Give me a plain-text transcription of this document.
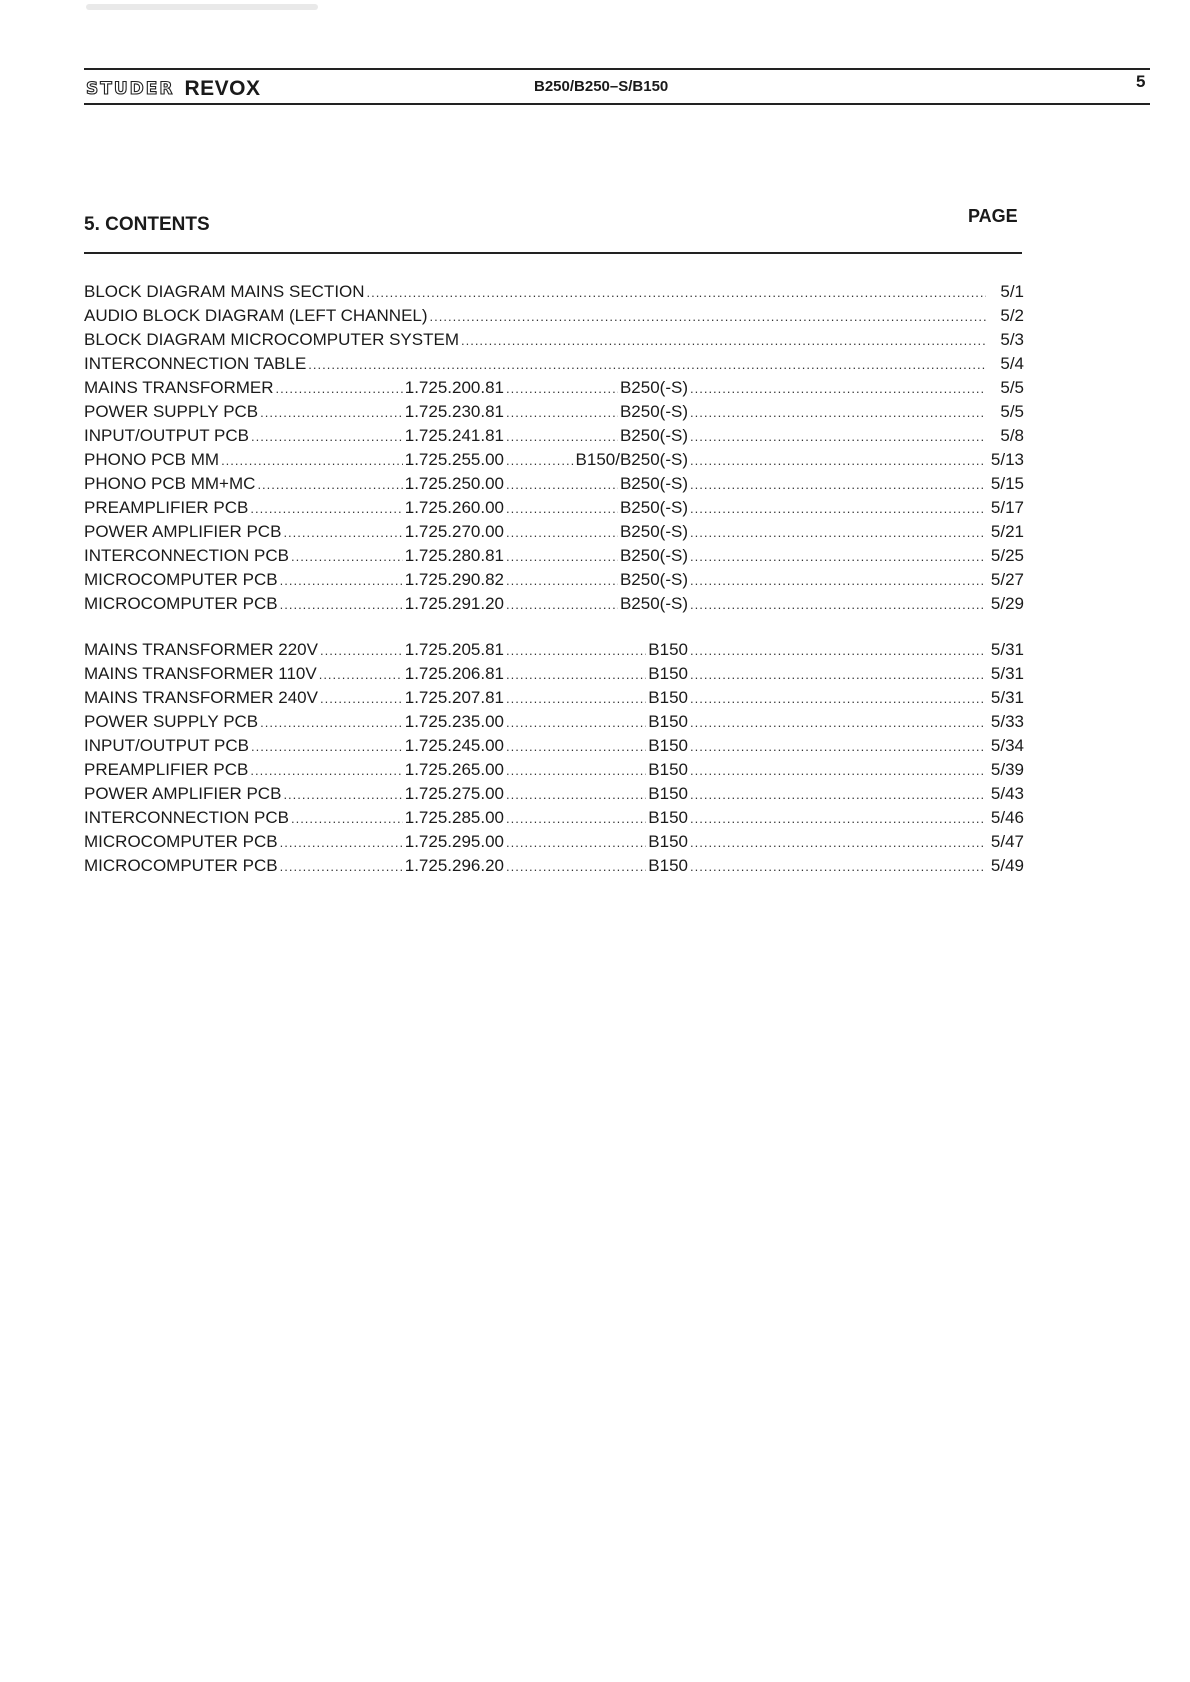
STUDER REVOX	B250/B250–S/B150	5
5. CONTENTS	PAGE
BLOCK DIAGRAM MAINS SECTION .....	5/1
AUDIO BLOCK DIAGRAM (LEFT CHANNEL) .....	5/2
BLOCK DIAGRAM MICROCOMPUTER SYSTEM .....	5/3
INTERCONNECTION TABLE .....	5/4
MAINS TRANSFORMER .....	1.725.200.81 .....	B250(-S) .....	5/5
POWER SUPPLY PCB .....	1.725.230.81 .....	B250(-S) .....	5/5
INPUT/OUTPUT PCB .....	1.725.241.81 .....	B250(-S) .....	5/8
PHONO PCB MM .....	1.725.255.00 .....	B150/B250(-S) .....	5/13
PHONO PCB MM+MC .....	1.725.250.00 .....	B250(-S) .....	5/15
PREAMPLIFIER PCB .....	1.725.260.00 .....	B250(-S) .....	5/17
POWER AMPLIFIER PCB .....	1.725.270.00 .....	B250(-S) .....	5/21
INTERCONNECTION PCB .....	1.725.280.81 .....	B250(-S) .....	5/25
MICROCOMPUTER PCB .....	1.725.290.82 .....	B250(-S) .....	5/27
MICROCOMPUTER PCB .....	1.725.291.20 .....	B250(-S) .....	5/29
MAINS TRANSFORMER 220V .....	1.725.205.81 .....	B150 .....	5/31
MAINS TRANSFORMER 110V .....	1.725.206.81 .....	B150 .....	5/31
MAINS TRANSFORMER 240V .....	1.725.207.81 .....	B150 .....	5/31
POWER SUPPLY PCB .....	1.725.235.00 .....	B150 .....	5/33
INPUT/OUTPUT PCB .....	1.725.245.00 .....	B150 .....	5/34
PREAMPLIFIER PCB .....	1.725.265.00 .....	B150 .....	5/39
POWER AMPLIFIER PCB .....	1.725.275.00 .....	B150 .....	5/43
INTERCONNECTION PCB .....	1.725.285.00 .....	B150 .....	5/46
MICROCOMPUTER PCB .....	1.725.295.00 .....	B150 .....	5/47
MICROCOMPUTER PCB .....	1.725.296.20 .....	B150 .....	5/49
